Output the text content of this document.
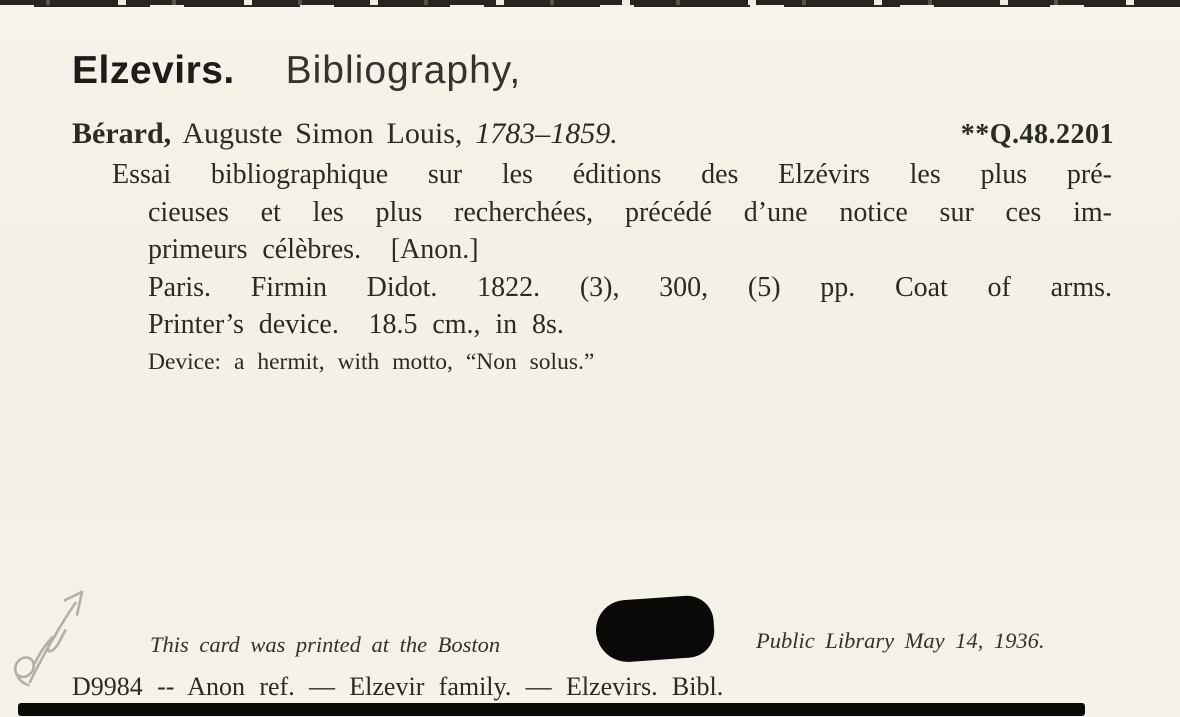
Elzevirs. Bibliography,
Bérard, Auguste Simon Louis, 1783–1859.	**Q.48.2201
Essai bibliographique sur les éditions des Elzévirs les plus pré-
cieuses et les plus recherchées, précédé d’une notice sur ces im-
primeurs célèbres.  [Anon.]
Paris. Firmin Didot. 1822. (3), 300, (5) pp. Coat of arms.
Printer’s device.  18.5 cm., in 8s.
Device: a hermit, with motto, “Non solus.”
This card was printed at the Boston	Public Library May 14, 1936.
D9984 -- Anon ref. — Elzevir family. — Elzevirs. Bibl.
